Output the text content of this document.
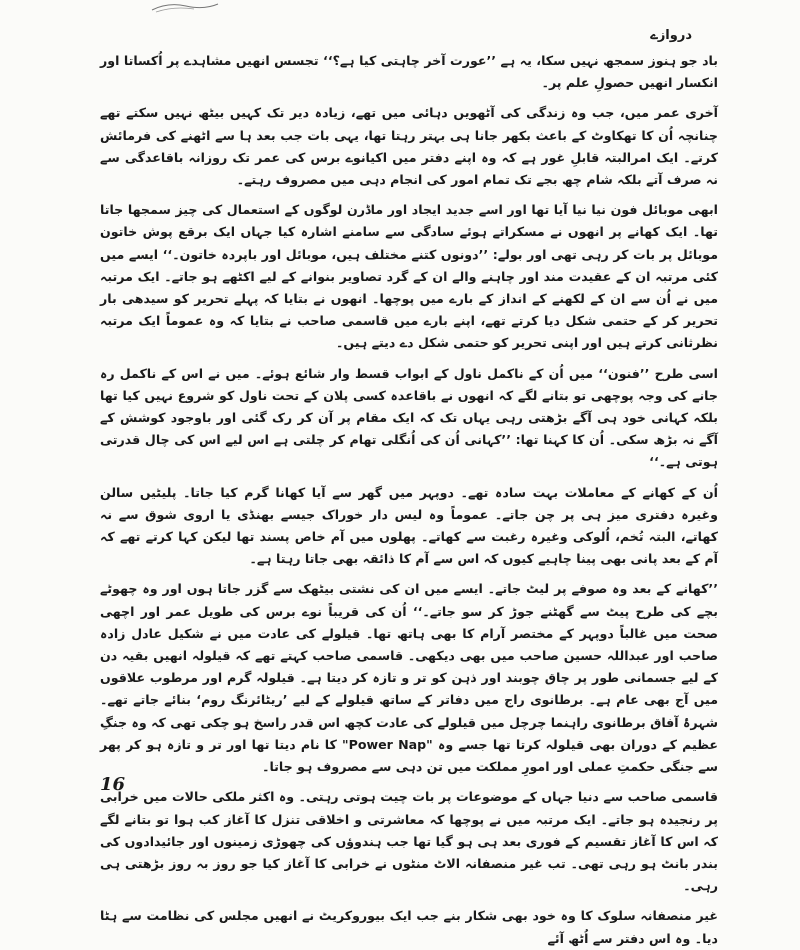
دروازے

باد جو ہنوز سمجھ نہیں سکا، یہ ہے ’’عورت آخر چاہتی کیا ہے؟‘‘ تجسس انھیں مشاہدے پر اُکساتا اور انکسار انھیں حصولِ علم پر۔

آخری عمر میں، جب وہ زندگی کی آٹھویں دہائی میں تھے، زیادہ دیر تک کہیں بیٹھ نہیں سکتے تھے چنانچہ اُن کا تھکاوٹ کے باعث بکھر جانا ہی بہتر رہتا تھا، یہی بات جب بعد ہا سے اٹھنے کی فرمائش کرتے۔ ایک امرالبتہ قابلِ غور ہے کہ وہ اپنے دفتر میں اکیانوے برس کی عمر تک روزانہ باقاعدگی سے نہ صرف آتے بلکہ شام چھ بجے تک تمام امور کی انجام دہی میں مصروف رہتے۔

ابھی موبائل فون نیا نیا آیا تھا اور اسے جدید ایجاد اور ماڈرن لوگوں کے استعمال کی چیز سمجھا جاتا تھا۔ ایک کھانے پر انھوں نے مسکراتے ہوئے سادگی سے سامنے اشارہ کیا جہاں ایک برقع پوش خاتون موبائل پر بات کر رہی تھی اور بولے: ’’دونوں کتنے مختلف ہیں، موبائل اور باپردہ خاتون۔‘‘ ایسے میں کئی مرتبہ ان کے عقیدت مند اور چاہنے والے ان کے گرد تصاویر بنوانے کے لیے اکٹھے ہو جاتے۔ ایک مرتبہ میں نے اُن سے ان کے لکھنے کے انداز کے بارے میں پوچھا۔ انھوں نے بتایا کہ پہلے تحریر کو سیدھی بار تحریر کر کے حتمی شکل دیا کرتے تھے، اپنے بارے میں قاسمی صاحب نے بتایا کہ وہ عموماً ایک مرتبہ نظرثانی کرتے ہیں اور اپنی تحریر کو حتمی شکل دے دیتے ہیں۔

اسی طرح ’’فنون‘‘ میں اُن کے ناکمل ناول کے ابواب قسط وار شائع ہوئے۔ میں نے اس کے ناکمل رہ جانے کی وجہ پوچھی تو بتانے لگے کہ انھوں نے باقاعدہ کسی پلان کے تحت ناول کو شروع نہیں کیا تھا بلکہ کہانی خود ہی آگے بڑھتی رہی یہاں تک کہ ایک مقام پر آن کر رک گئی اور باوجود کوشش کے آگے نہ بڑھ سکی۔ اُن کا کہنا تھا: ’’کہانی اُن کی اُنگلی تھام کر چلتی ہے اس لیے اس کی چال قدرتی ہوتی ہے۔‘‘

اُن کے کھانے کے معاملات بہت سادہ تھے۔ دوپہر میں گھر سے آیا کھانا گرم کیا جاتا۔ پلیٹیں سالن وغیرہ دفتری میز ہی پر چن جاتے۔ عموماً وہ لیس دار خوراک جیسے بھنڈی یا اروی شوق سے نہ کھاتے، البتہ تُخم، اُلوکی وغیرہ رغبت سے کھاتے۔ پھلوں میں آم خاص پسند تھا لیکن کہا کرتے تھے کہ آم کے بعد پانی بھی پینا چاہیے کیوں کہ اس سے آم کا ذائقہ بھی جاتا رہتا ہے۔

’’کھانے کے بعد وہ صوفے پر لیٹ جاتے۔ ایسے میں ان کی نشتی بیٹھک سے گزر جاتا ہوں اور وہ چھوٹے بچے کی طرح پیٹ سے گھٹنے جوڑ کر سو جاتے۔‘‘ اُن کی قریباً نوے برس کی طویل عمر اور اچھی صحت میں غالباً دوپہر کے مختصر آرام کا بھی ہاتھ تھا۔ قیلولے کی عادت میں نے شکیل عادل زادہ صاحب اور عبداللہ حسین صاحب میں بھی دیکھی۔ قاسمی صاحب کہتے تھے کہ قیلولہ انھیں بقیہ دن کے لیے جسمانی طور پر چاق چوبند اور ذہن کو تر و تازہ کر دیتا ہے۔ قیلولہ گرم اور مرطوب علاقوں میں آج بھی عام ہے۔ برطانوی راج میں دفاتر کے ساتھ قیلولے کے لیے ’ریٹائرنگ روم‘ بنائے جاتے تھے۔ شہرۂ آفاق برطانوی راہنما چرچل میں قیلولے کی عادت کچھ اس قدر راسخ ہو چکی تھی کہ وہ جنگِ عظیم کے دوران بھی قیلولہ کرتا تھا جسے وہ "Power Nap" کا نام دیتا تھا اور تر و تازہ ہو کر پھر سے جنگی حکمتِ عملی اور امورِ مملکت میں تن دہی سے مصروف ہو جاتا۔

قاسمی صاحب سے دنیا جہاں کے موضوعات پر بات چیت ہوتی رہتی۔ وہ اکثر ملکی حالات میں خرابی پر رنجیدہ ہو جاتے۔ ایک مرتبہ میں نے پوچھا کہ معاشرتی و اخلاقی تنزل کا آغاز کب ہوا تو بتانے لگے کہ اس کا آغاز تقسیم کے فوری بعد ہی ہو گیا تھا جب ہندوؤں کی چھوڑی زمینوں اور جائیدادوں کی بندر بانٹ ہو رہی تھی۔ تب غیر منصفانہ الاٹ منٹوں نے خرابی کا آغاز کیا جو روز بہ روز بڑھتی ہی رہی۔

غیر منصفانہ سلوک کا وہ خود بھی شکار بنے جب ایک بیوروکریٹ نے انھیں مجلس کی نظامت سے ہٹا دیا۔ وہ اس دفتر سے اُٹھ آئے

16
